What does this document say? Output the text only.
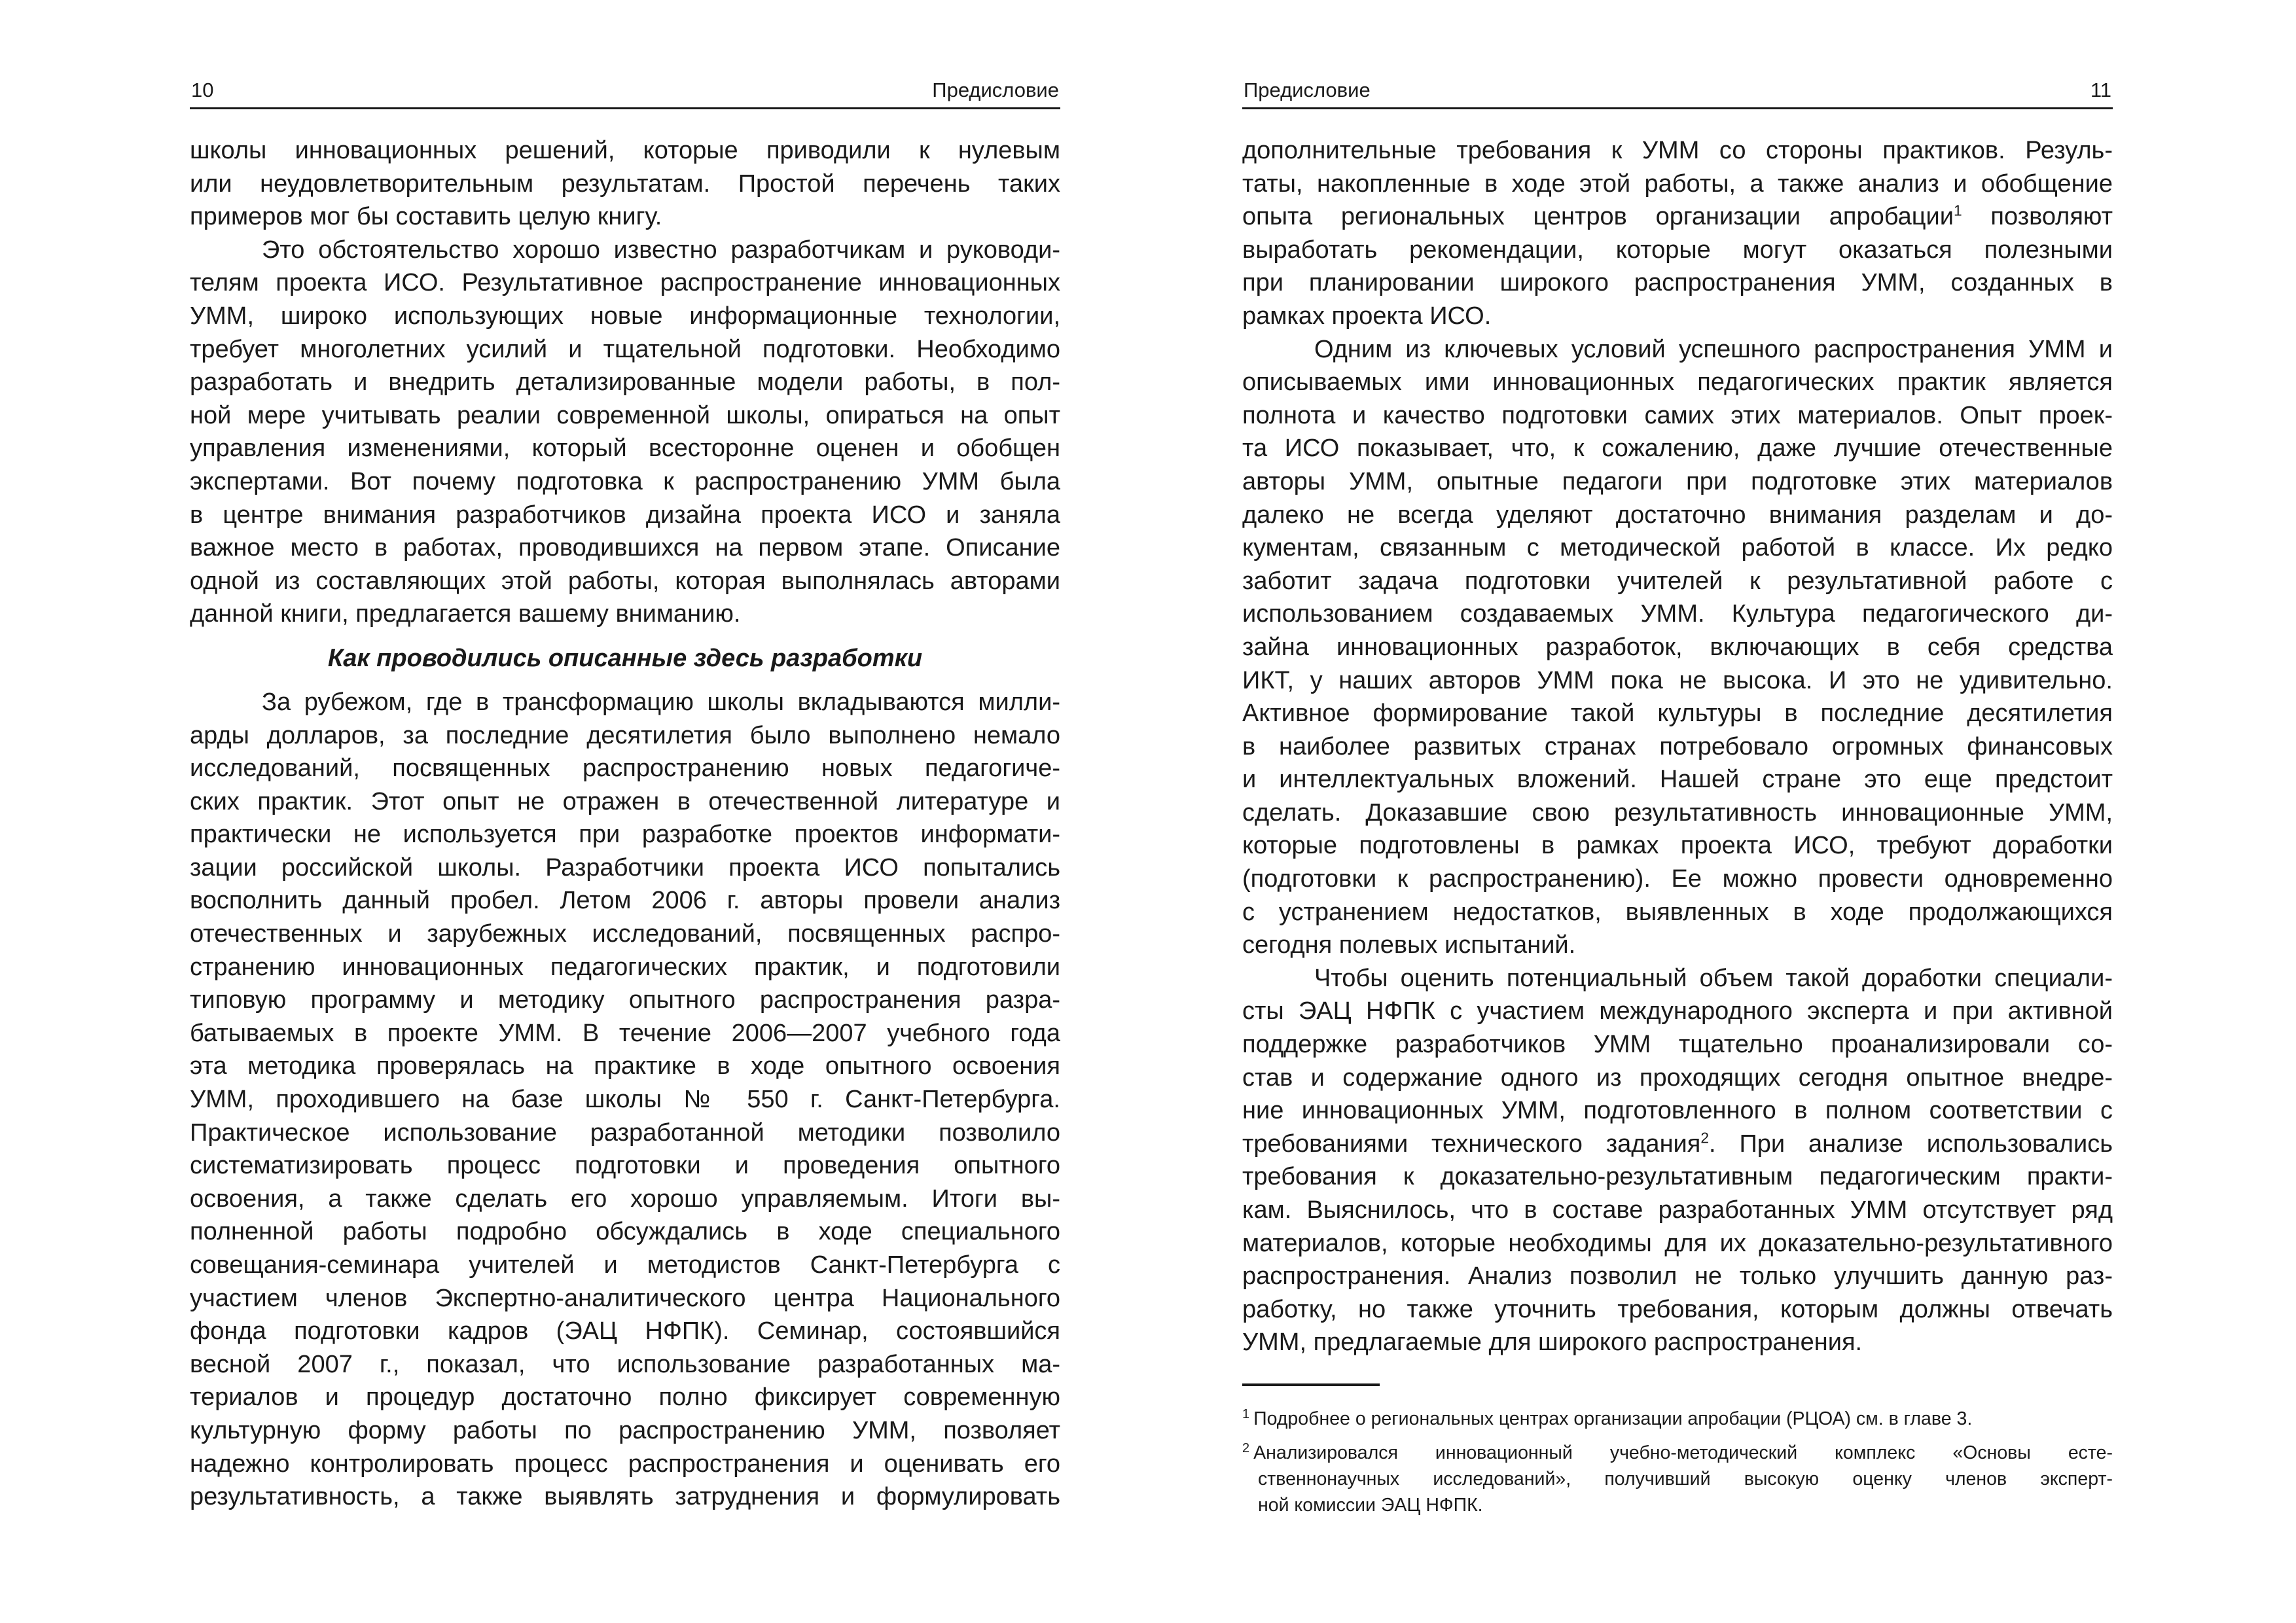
10	Предисловие
школы инновационных решений, которые приводили к нулевым
или неудовлетворительным результатам. Простой перечень таких
примеров мог бы составить целую книгу.
Это обстоятельство хорошо известно разработчикам и руководи-
телям проекта ИСО. Результативное распространение инновационных
УММ, широко использующих новые информационные технологии,
требует многолетних усилий и тщательной подготовки. Необходимо
разработать и внедрить детализированные модели работы, в пол-
ной мере учитывать реалии современной школы, опираться на опыт
управления изменениями, который всесторонне оценен и обобщен
экспертами. Вот почему подготовка к распространению УММ была
в центре внимания разработчиков дизайна проекта ИСО и заняла
важное место в работах, проводившихся на первом этапе. Описание
одной из составляющих этой работы, которая выполнялась авторами
данной книги, предлагается вашему вниманию.
Как проводились описанные здесь разработки
За рубежом, где в трансформацию школы вкладываются милли-
арды долларов, за последние десятилетия было выполнено немало
исследований, посвященных распространению новых педагогиче-
ских практик. Этот опыт не отражен в отечественной литературе и
практически не используется при разработке проектов информати-
зации российской школы. Разработчики проекта ИСО попытались
восполнить данный пробел. Летом 2006 г. авторы провели анализ
отечественных и зарубежных исследований, посвященных распро-
странению инновационных педагогических практик, и подготовили
типовую программу и методику опытного распространения разра-
батываемых в проекте УММ. В течение 2006—2007 учебного года
эта методика проверялась на практике в ходе опытного освоения
УММ, проходившего на базе школы № 550 г. Санкт-Петербурга.
Практическое использование разработанной методики позволило
систематизировать процесс подготовки и проведения опытного
освоения, а также сделать его хорошо управляемым. Итоги вы-
полненной работы подробно обсуждались в ходе специального
совещания-семинара учителей и методистов Санкт-Петербурга с
участием членов Экспертно-аналитического центра Национального
фонда подготовки кадров (ЭАЦ НФПК). Семинар, состоявшийся
весной 2007 г., показал, что использование разработанных ма-
териалов и процедур достаточно полно фиксирует современную
культурную форму работы по распространению УММ, позволяет
надежно контролировать процесс распространения и оценивать его
результативность, а также выявлять затруднения и формулировать
Предисловие	11
дополнительные требования к УММ со стороны практиков. Резуль-
таты, накопленные в ходе этой работы, а также анализ и обобщение
опыта региональных центров организации апробации$^1$ позволяют
выработать рекомендации, которые могут оказаться полезными
при планировании широкого распространения УММ, созданных в
рамках проекта ИСО.
Одним из ключевых условий успешного распространения УММ и
описываемых ими инновационных педагогических практик является
полнота и качество подготовки самих этих материалов. Опыт проек-
та ИСО показывает, что, к сожалению, даже лучшие отечественные
авторы УММ, опытные педагоги при подготовке этих материалов
далеко не всегда уделяют достаточно внимания разделам и до-
кументам, связанным с методической работой в классе. Их редко
заботит задача подготовки учителей к результативной работе с
использованием создаваемых УММ. Культура педагогического ди-
зайна инновационных разработок, включающих в себя средства
ИКТ, у наших авторов УММ пока не высока. И это не удивительно.
Активное формирование такой культуры в последние десятилетия
в наиболее развитых странах потребовало огромных финансовых
и интеллектуальных вложений. Нашей стране это еще предстоит
сделать. Доказавшие свою результативность инновационные УММ,
которые подготовлены в рамках проекта ИСО, требуют доработки
(подготовки к распространению). Ее можно провести одновременно
с устранением недостатков, выявленных в ходе продолжающихся
сегодня полевых испытаний.
Чтобы оценить потенциальный объем такой доработки специали-
сты ЭАЦ НФПК с участием международного эксперта и при активной
поддержке разработчиков УММ тщательно проанализировали со-
став и содержание одного из проходящих сегодня опытное внедре-
ние инновационных УММ, подготовленного в полном соответствии с
требованиями технического задания$^2$. При анализе использовались
требования к доказательно-результативным педагогическим практи-
кам. Выяснилось, что в составе разработанных УММ отсутствует ряд
материалов, которые необходимы для их доказательно-результативного
распространения. Анализ позволил не только улучшить данную раз-
работку, но также уточнить требования, которым должны отвечать
УММ, предлагаемые для широкого распространения.
$^1$ Подробнее о региональных центрах организации апробации (РЦОА) см. в главе 3.
$^2$ Анализировался инновационный учебно-методический комплекс «Основы есте-
ственнонаучных исследований», получивший высокую оценку членов эксперт-
ной комиссии ЭАЦ НФПК.
